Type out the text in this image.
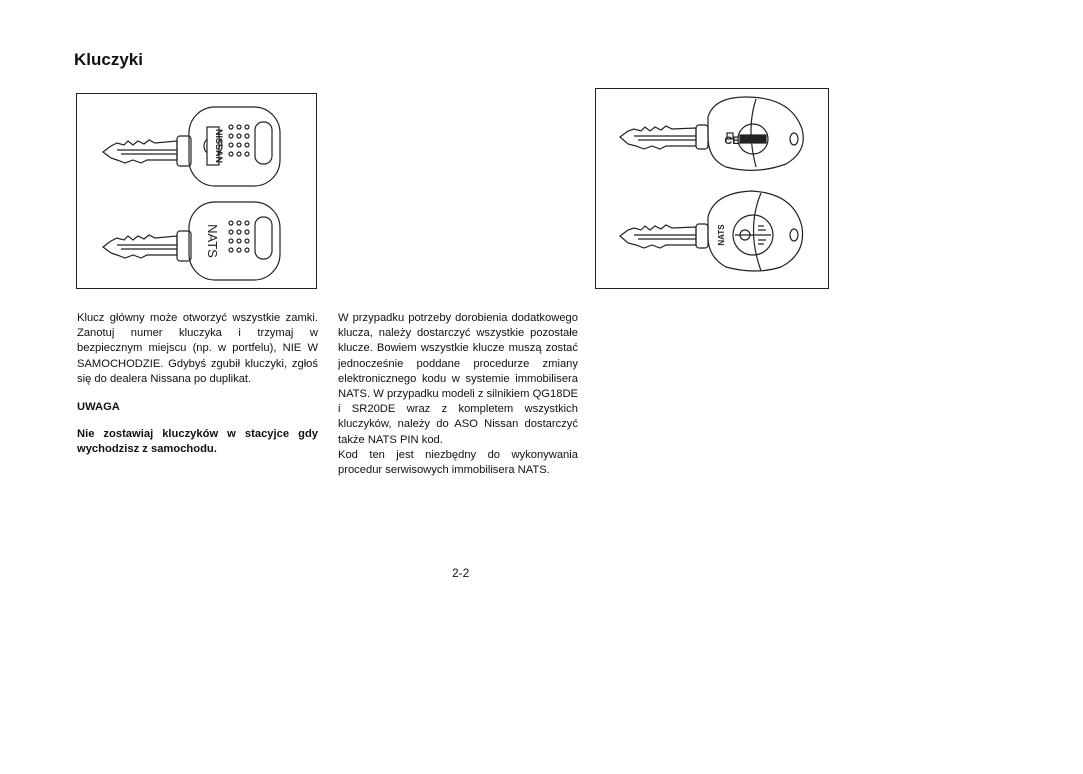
Kluczyki
NISSAN
NATS
CE
NATS

Klucz główny może otworzyć wszystkie zamki. Zanotuj numer kluczyka i trzymaj w bezpiecznym miejscu (np. w portfelu), NIE W SAMOCHODZIE. Gdybyś zgubił kluczyki, zgłoś się do dealera Nissana po duplikat.

UWAGA

Nie zostawiaj kluczyków w stacyjce gdy wychodzisz z samochodu.

W przypadku potrzeby dorobienia dodatkowego klucza, należy dostarczyć wszystkie pozostałe klucze. Bowiem wszystkie klucze muszą zostać jednocześnie poddane procedurze zmiany elektronicznego kodu w systemie immobilisera NATS. W przypadku modeli z silnikiem QG18DE i SR20DE wraz z kompletem wszystkich kluczyków, należy do ASO Nissan dostarczyć także NATS PIN kod.

Kod ten jest niezbędny do wykonywania procedur serwisowych immobilisera NATS.

2-2
